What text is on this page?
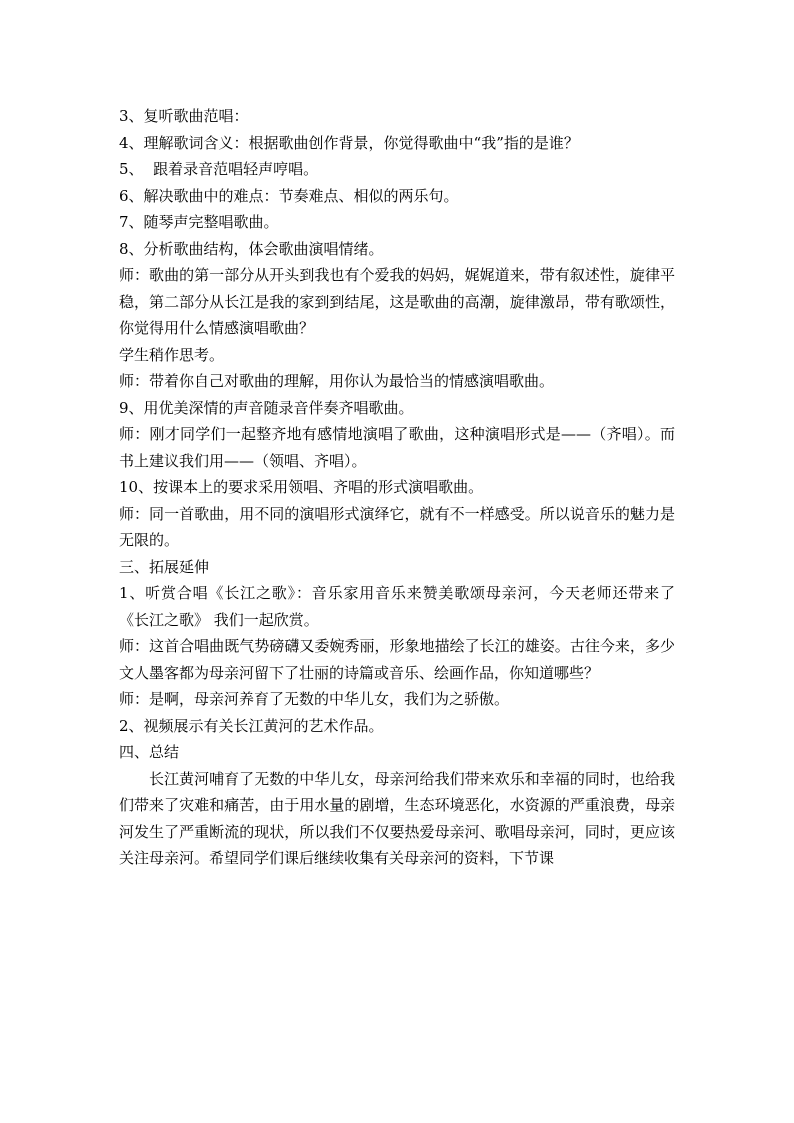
3、复听歌曲范唱：

4、理解歌词含义：根据歌曲创作背景，你觉得歌曲中“我”指的是谁？

5、  跟着录音范唱轻声哼唱。

6、解决歌曲中的难点：节奏难点、相似的两乐句。

7、随琴声完整唱歌曲。

8、分析歌曲结构，体会歌曲演唱情绪。

师：歌曲的第一部分从开头到我也有个爱我的妈妈，娓娓道来，带有叙述性，旋律平稳，第二部分从长江是我的家到到结尾，这是歌曲的高潮，旋律激昂，带有歌颂性，你觉得用什么情感演唱歌曲？

学生稍作思考。

师：带着你自己对歌曲的理解，用你认为最恰当的情感演唱歌曲。

9、用优美深情的声音随录音伴奏齐唱歌曲。

师：刚才同学们一起整齐地有感情地演唱了歌曲，这种演唱形式是——（齐唱）。而书上建议我们用——（领唱、齐唱）。

10、按课本上的要求采用领唱、齐唱的形式演唱歌曲。

师：同一首歌曲，用不同的演唱形式演绎它，就有不一样感受。所以说音乐的魅力是无限的。

三、拓展延伸

1、听赏合唱《长江之歌》：音乐家用音乐来赞美歌颂母亲河，今天老师还带来了《长江之歌》 我们一起欣赏。

师：这首合唱曲既气势磅礴又委婉秀丽，形象地描绘了长江的雄姿。古往今来，多少文人墨客都为母亲河留下了壮丽的诗篇或音乐、绘画作品，你知道哪些？

师：是啊，母亲河养育了无数的中华儿女，我们为之骄傲。

2、视频展示有关长江黄河的艺术作品。

四、总结

长江黄河哺育了无数的中华儿女，母亲河给我们带来欢乐和幸福的同时，也给我们带来了灾难和痛苦，由于用水量的剧增，生态环境恶化，水资源的严重浪费，母亲河发生了严重断流的现状，所以我们不仅要热爱母亲河、歌唱母亲河，同时，更应该关注母亲河。希望同学们课后继续收集有关母亲河的资料，下节课
